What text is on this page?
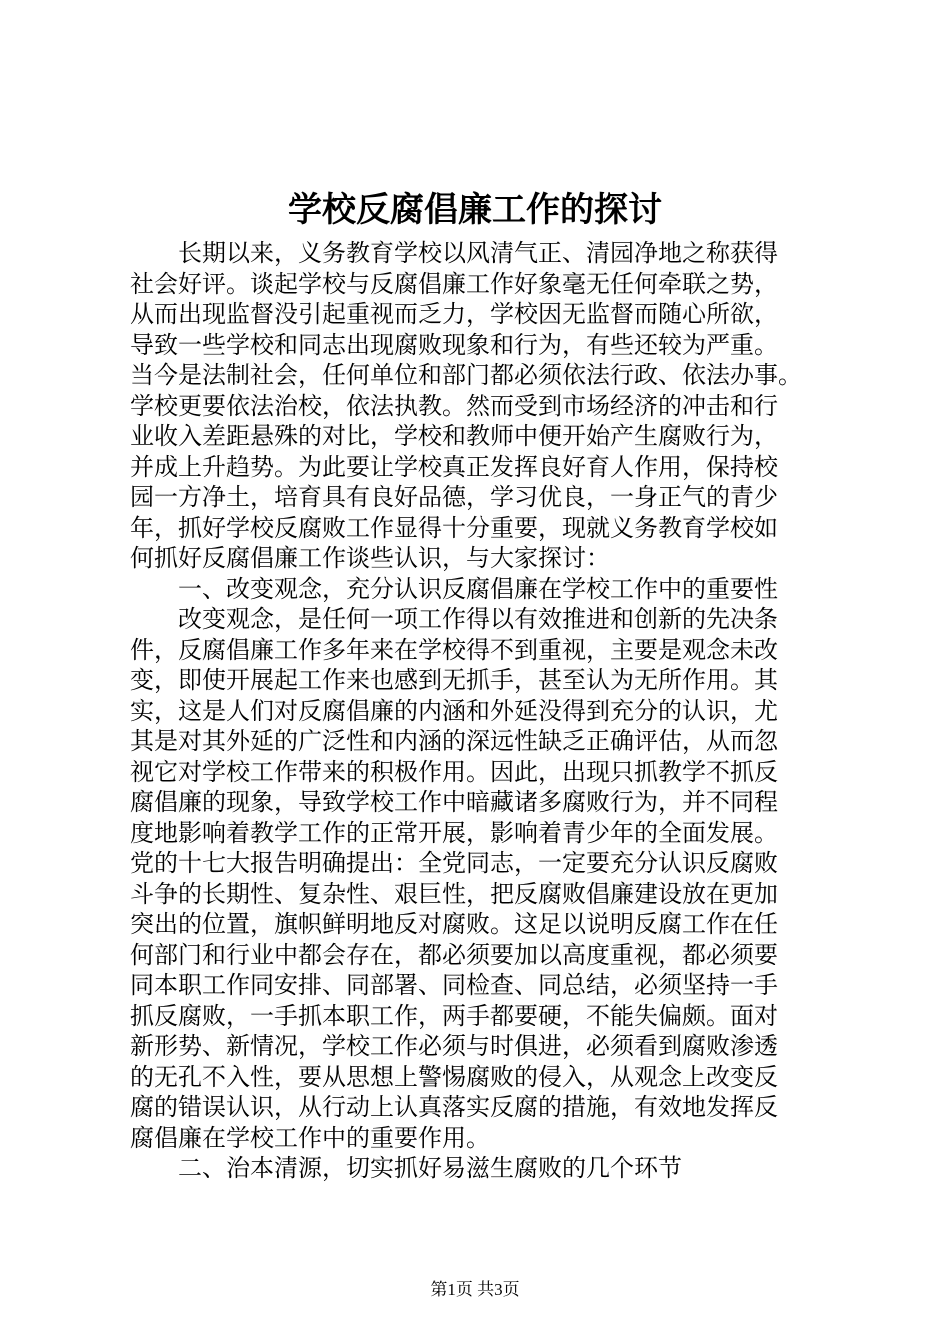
学校反腐倡廉工作的探讨
　　长期以来，义务教育学校以风清气正、清园净地之称获得
社会好评。谈起学校与反腐倡廉工作好象毫无任何牵联之势，
从而出现监督没引起重视而乏力，学校因无监督而随心所欲，
导致一些学校和同志出现腐败现象和行为，有些还较为严重。
当今是法制社会，任何单位和部门都必须依法行政、依法办事。
学校更要依法治校，依法执教。然而受到市场经济的冲击和行
业收入差距悬殊的对比，学校和教师中便开始产生腐败行为，
并成上升趋势。为此要让学校真正发挥良好育人作用，保持校
园一方净土，培育具有良好品德，学习优良，一身正气的青少
年，抓好学校反腐败工作显得十分重要，现就义务教育学校如
何抓好反腐倡廉工作谈些认识，与大家探讨：
　　一、改变观念，充分认识反腐倡廉在学校工作中的重要性
　　改变观念，是任何一项工作得以有效推进和创新的先决条
件，反腐倡廉工作多年来在学校得不到重视，主要是观念未改
变，即使开展起工作来也感到无抓手，甚至认为无所作用。其
实，这是人们对反腐倡廉的内涵和外延没得到充分的认识，尤
其是对其外延的广泛性和内涵的深远性缺乏正确评估，从而忽
视它对学校工作带来的积极作用。因此，出现只抓教学不抓反
腐倡廉的现象，导致学校工作中暗藏诸多腐败行为，并不同程
度地影响着教学工作的正常开展，影响着青少年的全面发展。
党的十七大报告明确提出：全党同志，一定要充分认识反腐败
斗争的长期性、复杂性、艰巨性，把反腐败倡廉建设放在更加
突出的位置，旗帜鲜明地反对腐败。这足以说明反腐工作在任
何部门和行业中都会存在，都必须要加以高度重视，都必须要
同本职工作同安排、同部署、同检查、同总结，必须坚持一手
抓反腐败，一手抓本职工作，两手都要硬，不能失偏颇。面对
新形势、新情况，学校工作必须与时俱进，必须看到腐败渗透
的无孔不入性，要从思想上警惕腐败的侵入，从观念上改变反
腐的错误认识，从行动上认真落实反腐的措施，有效地发挥反
腐倡廉在学校工作中的重要作用。
　　二、治本清源，切实抓好易滋生腐败的几个环节
第1页 共3页
